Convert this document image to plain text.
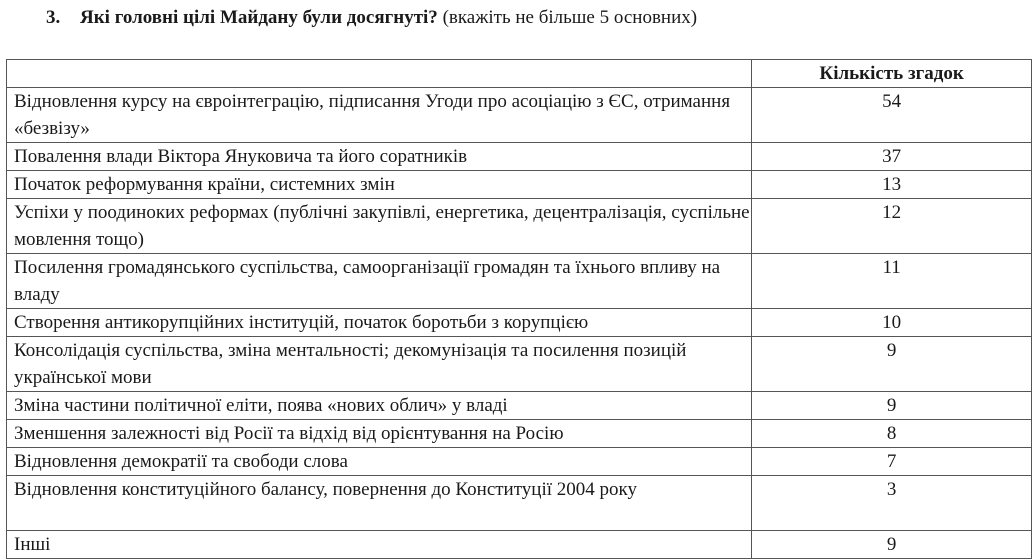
3. Які головні цілі Майдану були досягнуті? (вкажіть не більше 5 основних)
	Кількість згадок
Відновлення курсу на євроінтеграцію, підписання Угоди про асоціацію з ЄС, отримання «безвізу»	54
Повалення влади Віктора Януковича та його соратників	37
Початок реформування країни, системних змін	13
Успіхи у поодиноких реформах (публічні закупівлі, енергетика, децентралізація, суспільне мовлення тощо)	12
Посилення громадянського суспільства, самоорганізації громадян та їхнього впливу на владу	11
Створення антикорупційних інституцій, початок боротьби з корупцією	10
Консолідація суспільства, зміна ментальності; декомунізація та посилення позицій української мови	9
Зміна частини політичної еліти, поява «нових облич» у владі	9
Зменшення залежності від Росії та відхід від орієнтування на Росію	8
Відновлення демократії та свободи слова	7
Відновлення конституційного балансу, повернення до Конституції 2004 року	3
Інші	9
